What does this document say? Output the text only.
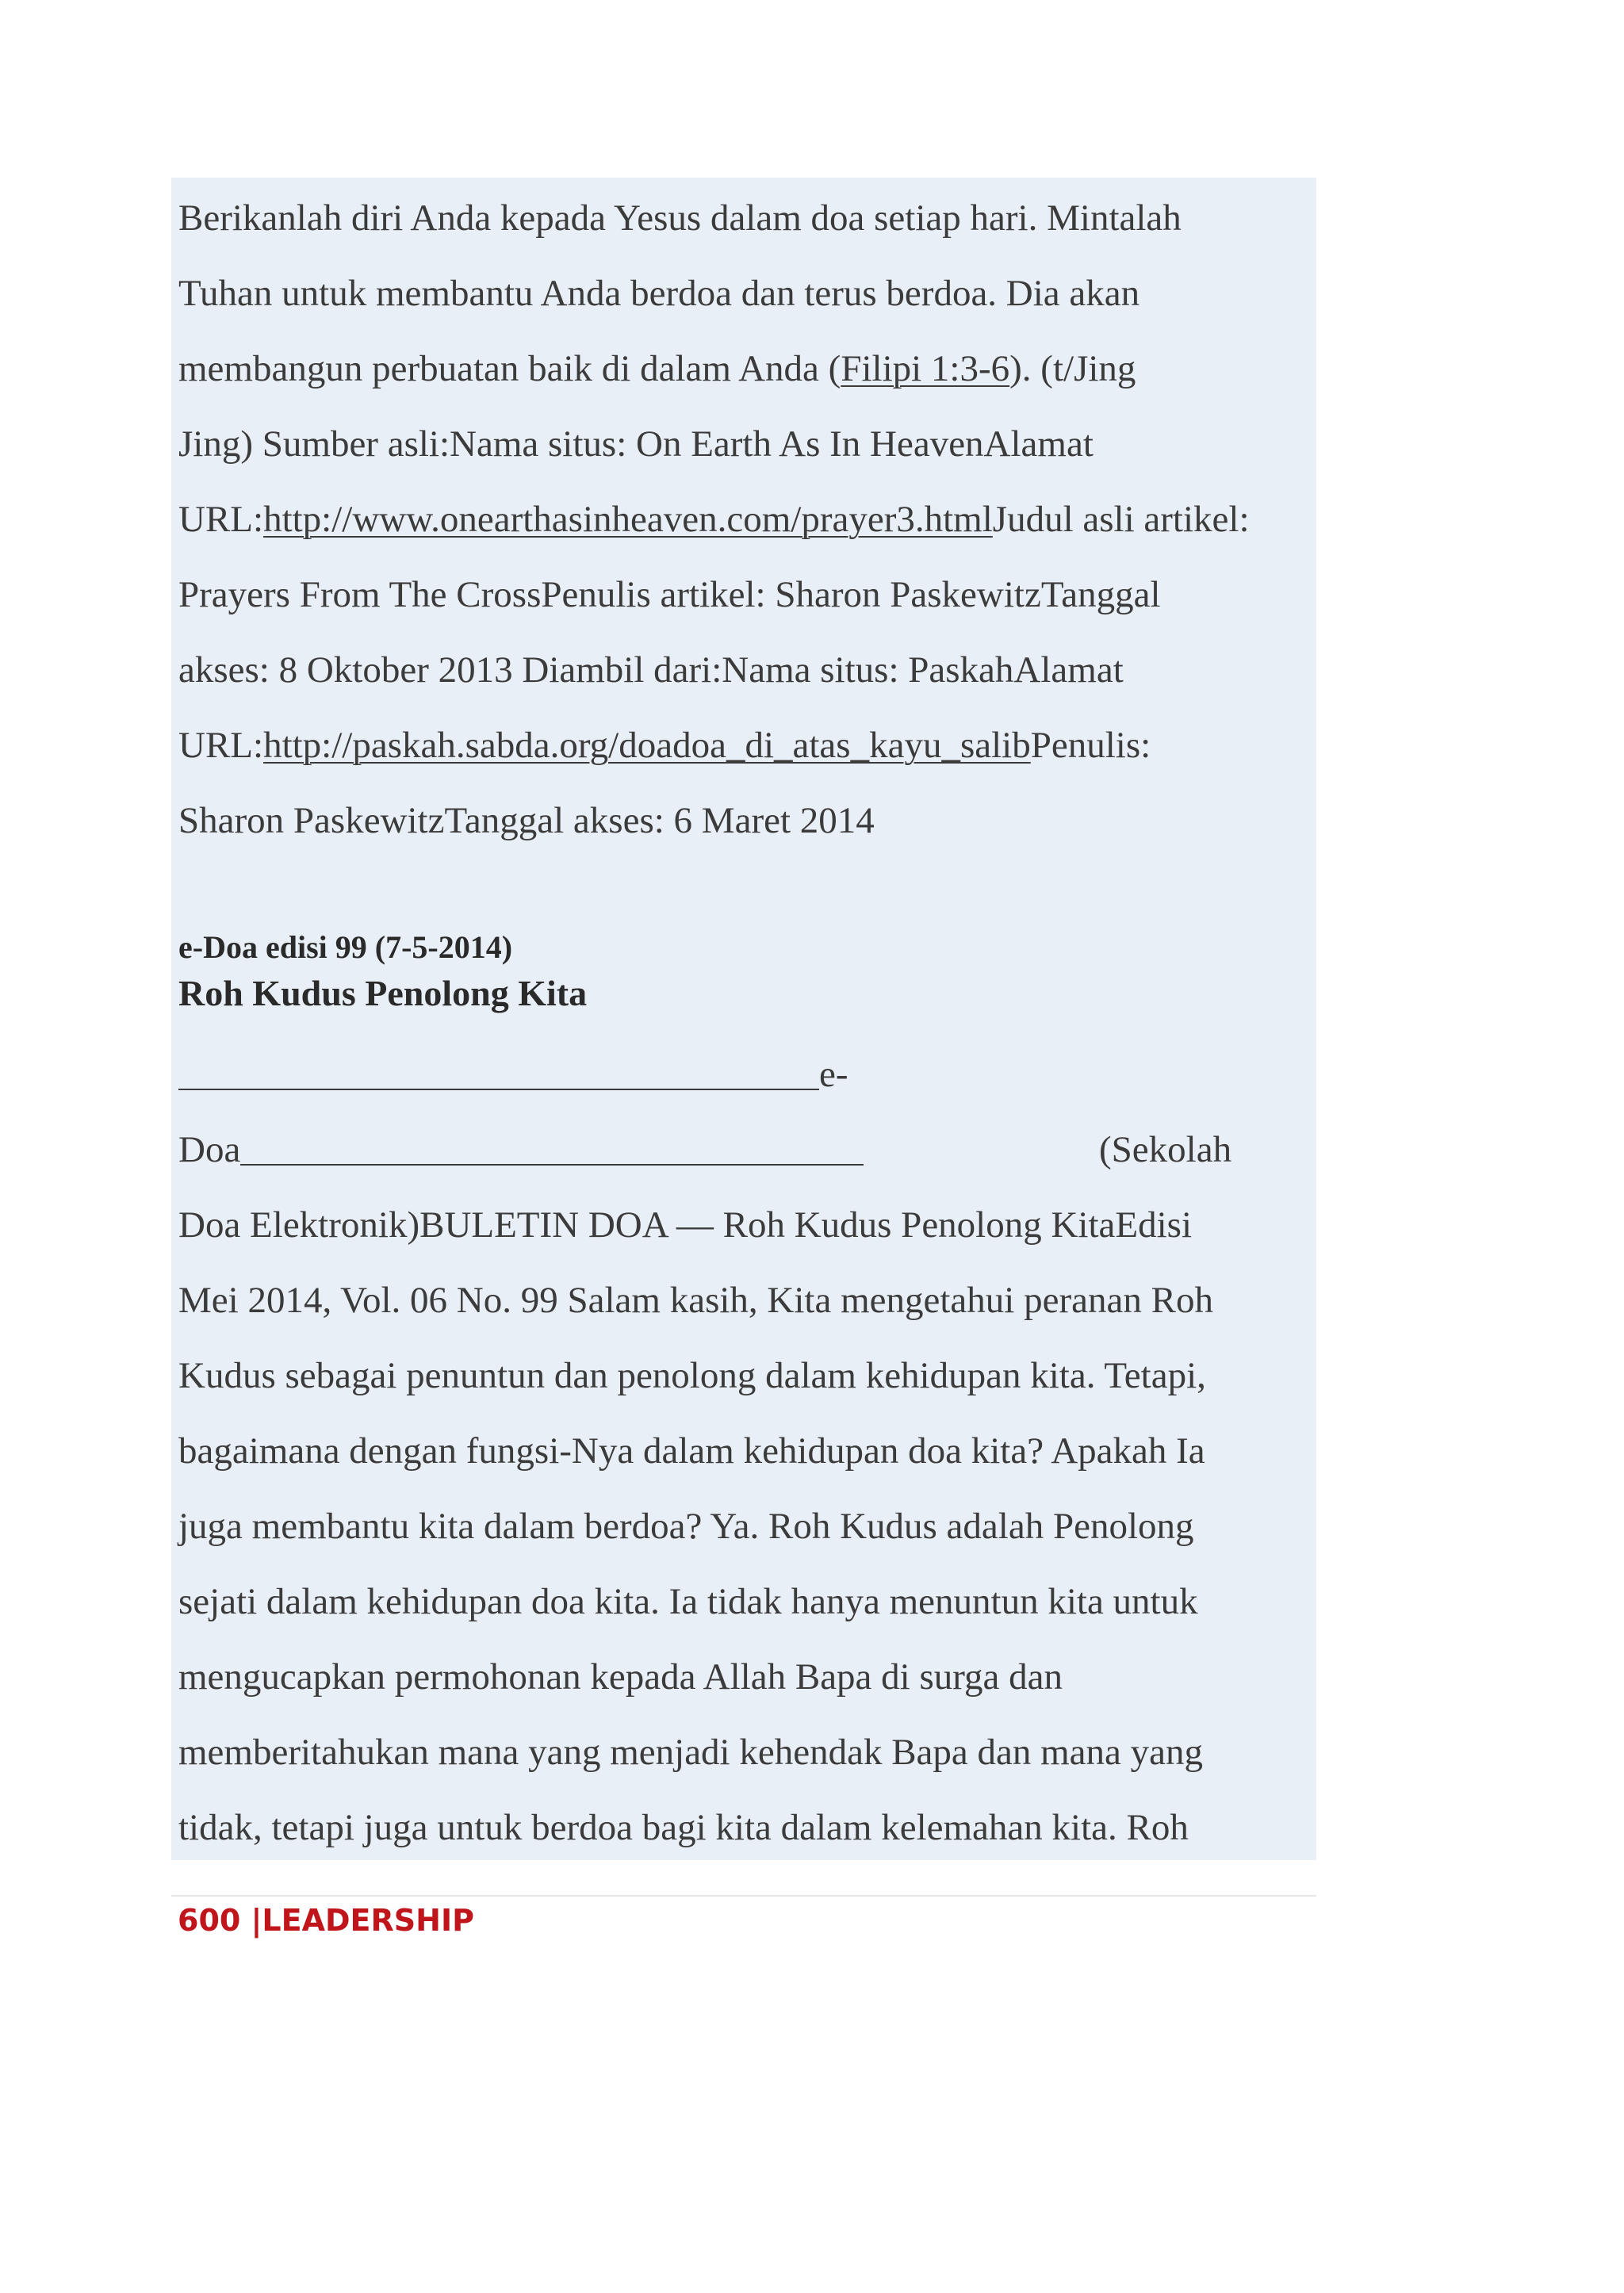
Berikanlah diri Anda kepada Yesus dalam doa setiap hari. Mintalah
Tuhan untuk membantu Anda berdoa dan terus berdoa. Dia akan
membangun perbuatan baik di dalam Anda (Filipi 1:3-6). (t/Jing
Jing) Sumber asli:Nama situs: On Earth As In HeavenAlamat
URL:http://www.onearthasinheaven.com/prayer3.htmlJudul asli artikel:
Prayers From The CrossPenulis artikel: Sharon PaskewitzTanggal
akses: 8 Oktober 2013 Diambil dari:Nama situs: PaskahAlamat
URL:http://paskah.sabda.org/doadoa_di_atas_kayu_salibPenulis:
Sharon PaskewitzTanggal akses: 6 Maret 2014
e-Doa edisi 99 (7-5-2014)
Roh Kudus Penolong Kita
e-
Doa	(Sekolah
Doa Elektronik)BULETIN DOA — Roh Kudus Penolong KitaEdisi
Mei 2014, Vol. 06 No. 99 Salam kasih, Kita mengetahui peranan Roh
Kudus sebagai penuntun dan penolong dalam kehidupan kita. Tetapi,
bagaimana dengan fungsi-Nya dalam kehidupan doa kita? Apakah Ia
juga membantu kita dalam berdoa? Ya. Roh Kudus adalah Penolong
sejati dalam kehidupan doa kita. Ia tidak hanya menuntun kita untuk
mengucapkan permohonan kepada Allah Bapa di surga dan
memberitahukan mana yang menjadi kehendak Bapa dan mana yang
tidak, tetapi juga untuk berdoa bagi kita dalam kelemahan kita. Roh
600 |LEADERSHIP
